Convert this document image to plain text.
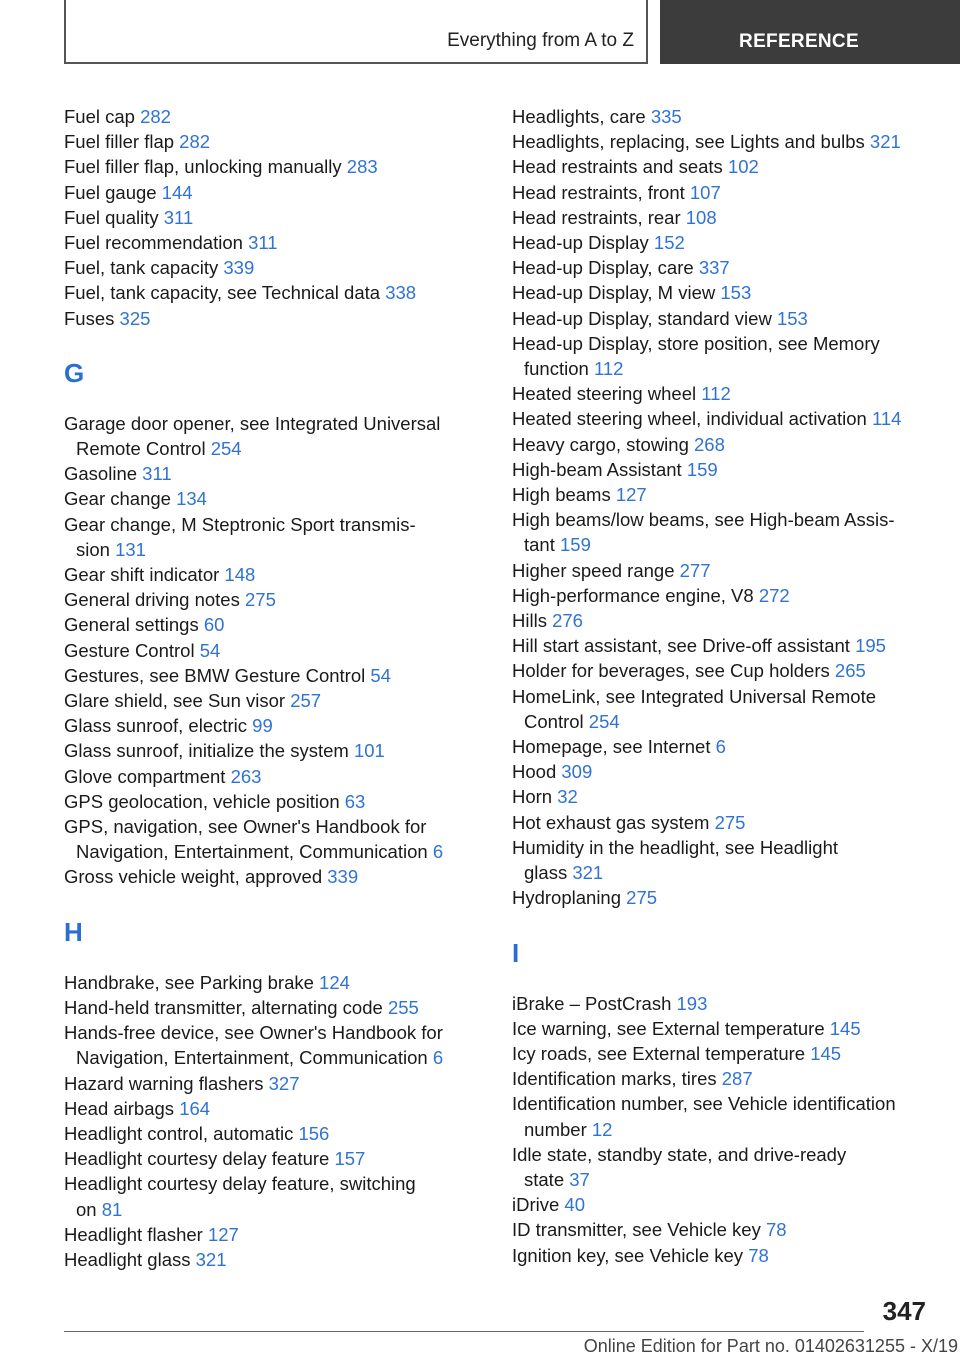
Everything from A to Z	REFERENCE
Fuel cap 282
Fuel filler flap 282
Fuel filler flap, unlocking manually 283
Fuel gauge 144
Fuel quality 311
Fuel recommendation 311
Fuel, tank capacity 339
Fuel, tank capacity, see Technical data 338
Fuses 325
G
Garage door opener, see Integrated Universal
Remote Control 254
Gasoline 311
Gear change 134
Gear change, M Steptronic Sport transmis-
sion 131
Gear shift indicator 148
General driving notes 275
General settings 60
Gesture Control 54
Gestures, see BMW Gesture Control 54
Glare shield, see Sun visor 257
Glass sunroof, electric 99
Glass sunroof, initialize the system 101
Glove compartment 263
GPS geolocation, vehicle position 63
GPS, navigation, see Owner's Handbook for
Navigation, Entertainment, Communication 6
Gross vehicle weight, approved 339
H
Handbrake, see Parking brake 124
Hand-held transmitter, alternating code 255
Hands-free device, see Owner's Handbook for
Navigation, Entertainment, Communication 6
Hazard warning flashers 327
Head airbags 164
Headlight control, automatic 156
Headlight courtesy delay feature 157
Headlight courtesy delay feature, switching
on 81
Headlight flasher 127
Headlight glass 321
Headlights, care 335
Headlights, replacing, see Lights and bulbs 321
Head restraints and seats 102
Head restraints, front 107
Head restraints, rear 108
Head-up Display 152
Head-up Display, care 337
Head-up Display, M view 153
Head-up Display, standard view 153
Head-up Display, store position, see Memory
function 112
Heated steering wheel 112
Heated steering wheel, individual activation 114
Heavy cargo, stowing 268
High-beam Assistant 159
High beams 127
High beams/low beams, see High-beam Assis-
tant 159
Higher speed range 277
High-performance engine, V8 272
Hills 276
Hill start assistant, see Drive-off assistant 195
Holder for beverages, see Cup holders 265
HomeLink, see Integrated Universal Remote
Control 254
Homepage, see Internet 6
Hood 309
Horn 32
Hot exhaust gas system 275
Humidity in the headlight, see Headlight
glass 321
Hydroplaning 275
I
iBrake – PostCrash 193
Ice warning, see External temperature 145
Icy roads, see External temperature 145
Identification marks, tires 287
Identification number, see Vehicle identification
number 12
Idle state, standby state, and drive-ready
state 37
iDrive 40
ID transmitter, see Vehicle key 78
Ignition key, see Vehicle key 78
347
Online Edition for Part no. 01402631255 - X/19
